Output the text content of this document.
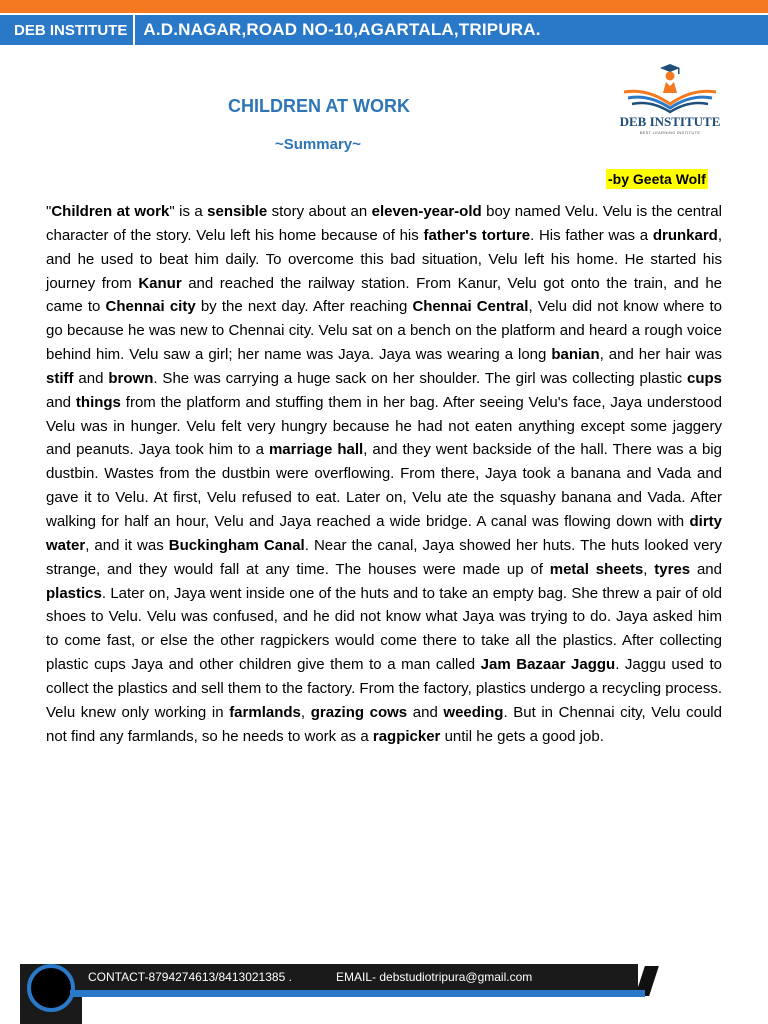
DEB INSTITUTE A.D.NAGAR,ROAD NO-10,AGARTALA,TRIPURA.
DEB INSTITUTE
BEST LEARNING INSTITUTE
CHILDREN AT WORK
~Summary~
-by Geeta Wolf
"Children at work" is a sensible story about an eleven-year-old boy named Velu. Velu is the central character of the story. Velu left his home because of his father's torture. His father was a drunkard, and he used to beat him daily. To overcome this bad situation, Velu left his home. He started his journey from Kanur and reached the railway station. From Kanur, Velu got onto the train, and he came to Chennai city by the next day. After reaching Chennai Central, Velu did not know where to go because he was new to Chennai city. Velu sat on a bench on the platform and heard a rough voice behind him. Velu saw a girl; her name was Jaya. Jaya was wearing a long banian, and her hair was stiff and brown. She was carrying a huge sack on her shoulder. The girl was collecting plastic cups and things from the platform and stuffing them in her bag. After seeing Velu's face, Jaya understood Velu was in hunger. Velu felt very hungry because he had not eaten anything except some jaggery and peanuts. Jaya took him to a marriage hall, and they went backside of the hall. There was a big dustbin. Wastes from the dustbin were overflowing. From there, Jaya took a banana and Vada and gave it to Velu. At first, Velu refused to eat. Later on, Velu ate the squashy banana and Vada. After walking for half an hour, Velu and Jaya reached a wide bridge. A canal was flowing down with dirty water, and it was Buckingham Canal. Near the canal, Jaya showed her huts. The huts looked very strange, and they would fall at any time. The houses were made up of metal sheets, tyres and plastics. Later on, Jaya went inside one of the huts and to take an empty bag. She threw a pair of old shoes to Velu. Velu was confused, and he did not know what Jaya was trying to do. Jaya asked him to come fast, or else the other ragpickers would come there to take all the plastics. After collecting plastic cups Jaya and other children give them to a man called Jam Bazaar Jaggu. Jaggu used to collect the plastics and sell them to the factory. From the factory, plastics undergo a recycling process. Velu knew only working in farmlands, grazing cows and weeding. But in Chennai city, Velu could not find any farmlands, so he needs to work as a ragpicker until he gets a good job.
CONTACT-8794274613/8413021385 .	EMAIL- debstudiotripura@gmail.com
